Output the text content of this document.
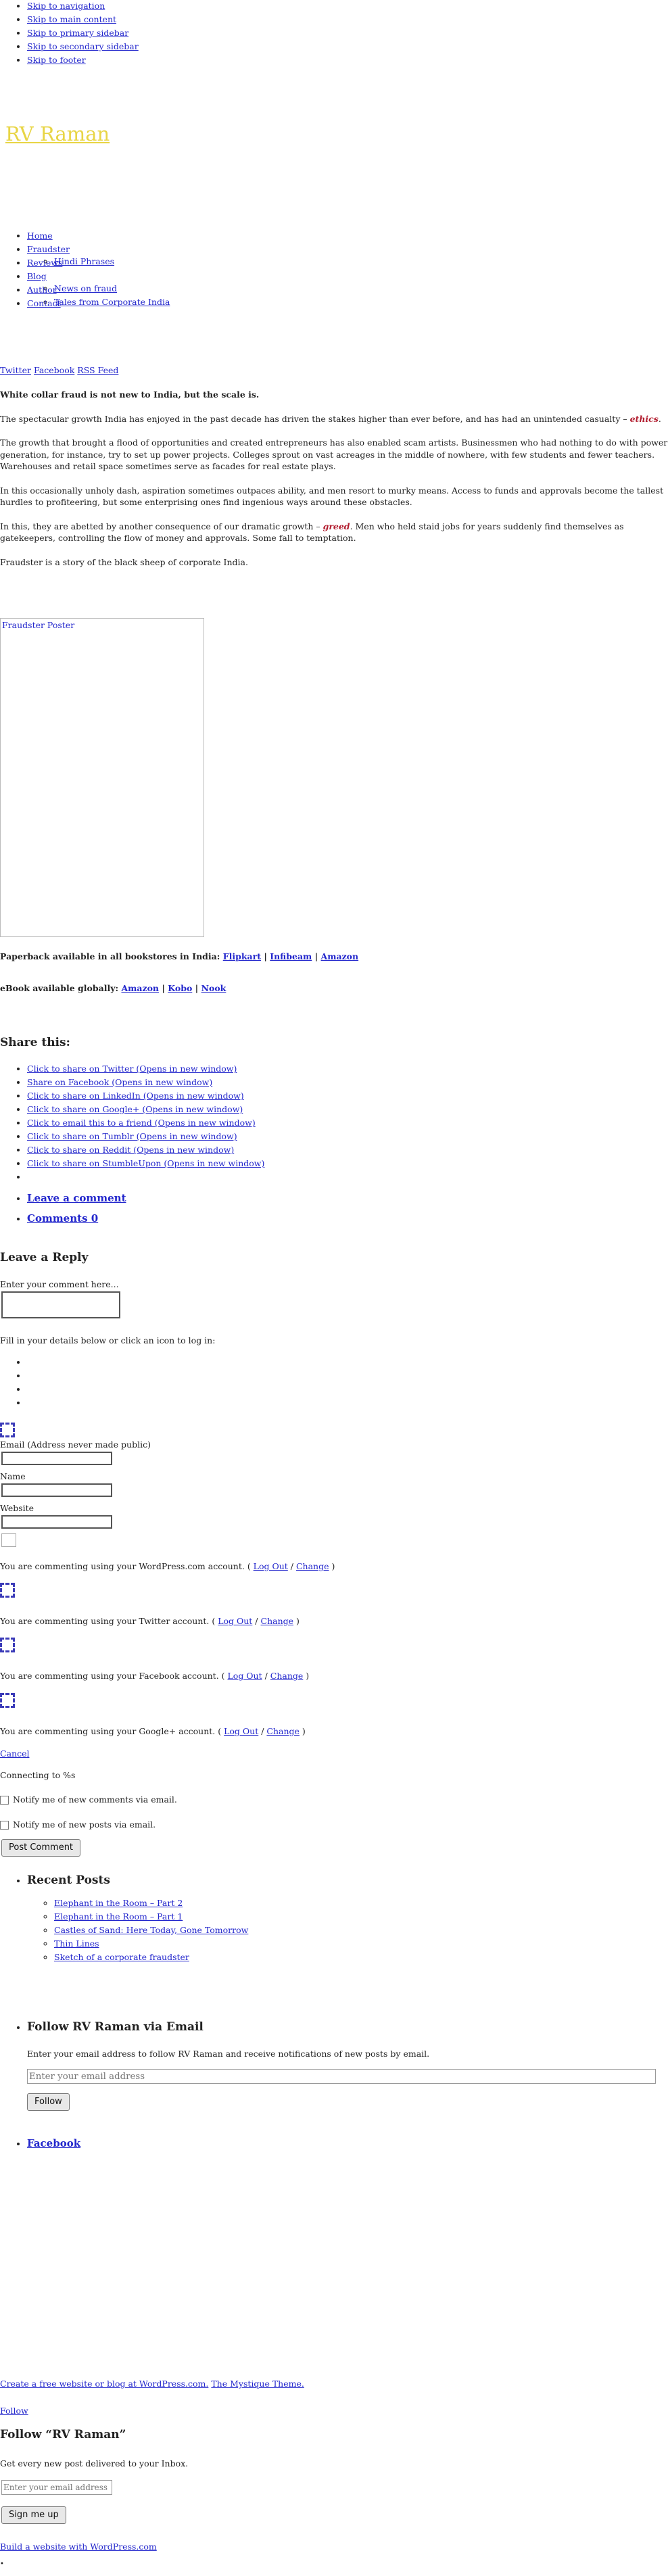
• Skip to navigation
• Skip to main content
• Skip to primary sidebar
• Skip to secondary sidebar
• Skip to footer
RV Raman
• Home
• Fraudster
◦ Hindi Phrases
• Reviews
• Blog
◦ News on fraud
• Author
◦ Tales from Corporate India
• Contact
Twitter Facebook RSS Feed

White collar fraud is not new to India, but the scale is.

The spectacular growth India has enjoyed in the past decade has driven the stakes higher than ever before, and has had an unintended casualty – ethics.

The growth that brought a flood of opportunities and created entrepreneurs has also enabled scam artists. Businessmen who had nothing to do with power generation, for instance, try to set up power projects. Colleges sprout on vast acreages in the middle of nowhere, with few students and fewer teachers. Warehouses and retail space sometimes serve as facades for real estate plays.

In this occasionally unholy dash, aspiration sometimes outpaces ability, and men resort to murky means. Access to funds and approvals become the tallest hurdles to profiteering, but some enterprising ones find ingenious ways around these obstacles.

In this, they are abetted by another consequence of our dramatic growth – greed. Men who held staid jobs for years suddenly find themselves as gatekeepers, controlling the flow of money and approvals. Some fall to temptation.

Fraudster is a story of the black sheep of corporate India.

Fraudster Poster
Paperback available in all bookstores in India: Flipkart | Infibeam | Amazon
eBook available globally: Amazon | Kobo | Nook
Share this:
• Click to share on Twitter (Opens in new window)
• Share on Facebook (Opens in new window)
• Click to share on LinkedIn (Opens in new window)
• Click to share on Google+ (Opens in new window)
• Click to email this to a friend (Opens in new window)
• Click to share on Tumblr (Opens in new window)
• Click to share on Reddit (Opens in new window)
• Click to share on StumbleUpon (Opens in new window)
•
• Leave a comment
• Comments 0
Leave a Reply
Enter your comment here...
Fill in your details below or click an icon to log in:
Email (Address never made public)
Name
Website
You are commenting using your WordPress.com account. ( Log Out / Change )
You are commenting using your Twitter account. ( Log Out / Change )
You are commenting using your Facebook account. ( Log Out / Change )
You are commenting using your Google+ account. ( Log Out / Change )
Cancel
Connecting to %s
Notify me of new comments via email.
Notify me of new posts via email.
Post Comment
• Recent Posts
◦ Elephant in the Room – Part 2
◦ Elephant in the Room – Part 1
◦ Castles of Sand: Here Today, Gone Tomorrow
◦ Thin Lines
◦ Sketch of a corporate fraudster
• Follow RV Raman via Email
Enter your email address to follow RV Raman and receive notifications of new posts by email.
Enter your email address
Follow
• Facebook
Create a free website or blog at WordPress.com. The Mystique Theme.
Follow
Follow “RV Raman”
Get every new post delivered to your Inbox.
Enter your email address
Sign me up
Build a website with WordPress.com
•
